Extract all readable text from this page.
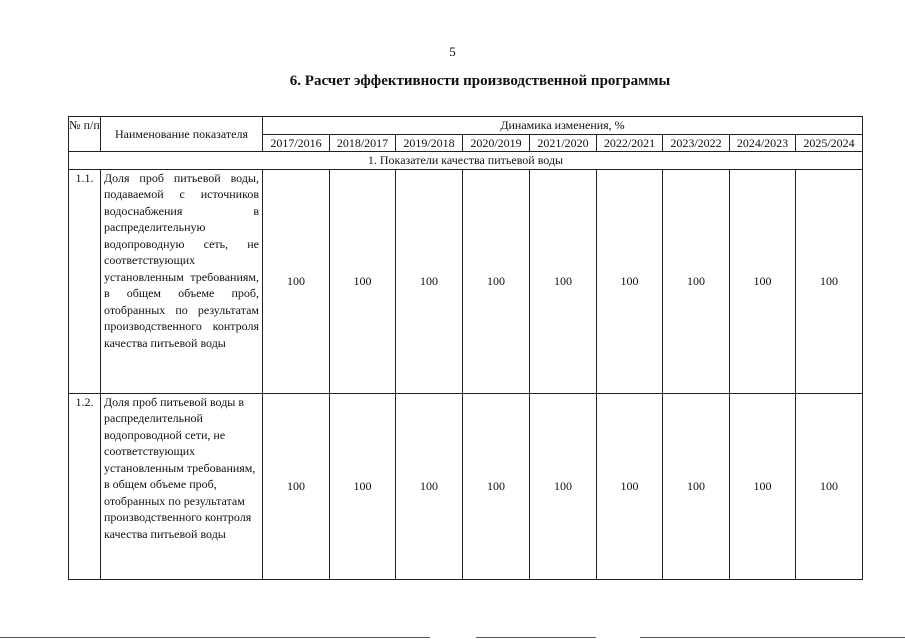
5
6. Расчет эффективности производственной программы
№ п/п	Наименование показателя	Динамика изменения, %								
		2017/2016	2018/2017	2019/2018	2020/2019	2021/2020	2022/2021	2023/2022	2024/2023	2025/2024
1. Показатели качества питьевой воды										
1.1.	Доля проб питьевой воды, подаваемой с источников водоснабжения в распределительную водопроводную сеть, не соответствующих установленным требованиям, в общем объеме проб, отобранных по результатам производственного контроля качества питьевой воды	100	100	100	100	100	100	100	100	100
1.2.	Доля проб питьевой воды в распределительной водопроводной сети, не соответствующих установленным требованиям, в общем объеме проб, отобранных по результатам производственного контроля качества питьевой воды	100	100	100	100	100	100	100	100	100
